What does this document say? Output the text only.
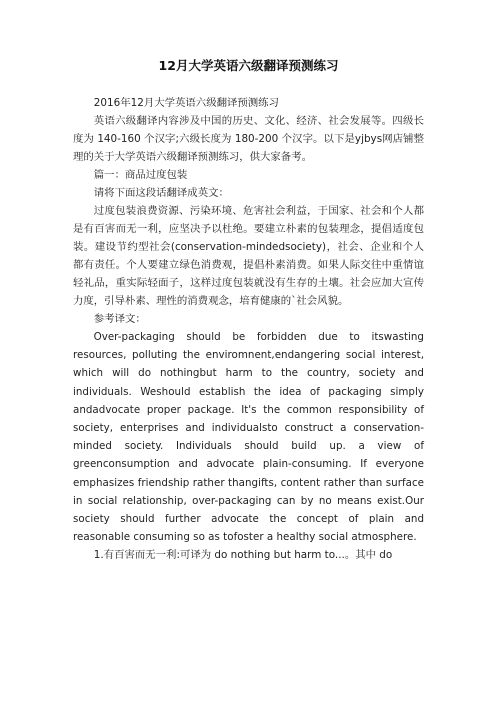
12月大学英语六级翻译预测练习

2016年12月大学英语六级翻译预测练习

英语六级翻译内容涉及中国的历史、文化、经济、社会发展等。四级长度为 140-160 个汉字;六级长度为 180-200 个汉字。以下是yjbys网店铺整理的关于大学英语六级翻译预测练习，供大家备考。

篇一：商品过度包装

请将下面这段话翻译成英文：

过度包装浪费资源、污染环境、危害社会利益，于国家、社会和个人都是有百害而无一利，应坚决予以杜绝。要建立朴素的包装理念，提倡适度包装。建设节约型社会(conservation-mindedsociety)，社会、企业和个人都有责任。个人要建立绿色消费观，提倡朴素消费。如果人际交往中重情谊轻礼品，重实际轻面子，这样过度包装就没有生存的土壤。社会应加大宣传力度，引导朴素、理性的消费观念，培育健康的`社会风貌。

参考译文：

Over-packaging should be forbidden due to itswasting resources, polluting the enviromnent,endangering social interest, which will do nothingbut harm to the country, society and individuals. Weshould establish the idea of packaging simply andadvocate proper package. It's the common responsibility of society, enterprises and individualsto construct a conservation-minded society. Individuals should build up. a view of greenconsumption and advocate plain-consuming. If everyone emphasizes friendship rather thangifts, content rather than surface in social relationship, over-packaging can by no means exist.Our society should further advocate the concept of plain and reasonable consuming so as tofoster a healthy social atmosphere.

1.有百害而无一利:可译为 do nothing but harm to...。其中 do
